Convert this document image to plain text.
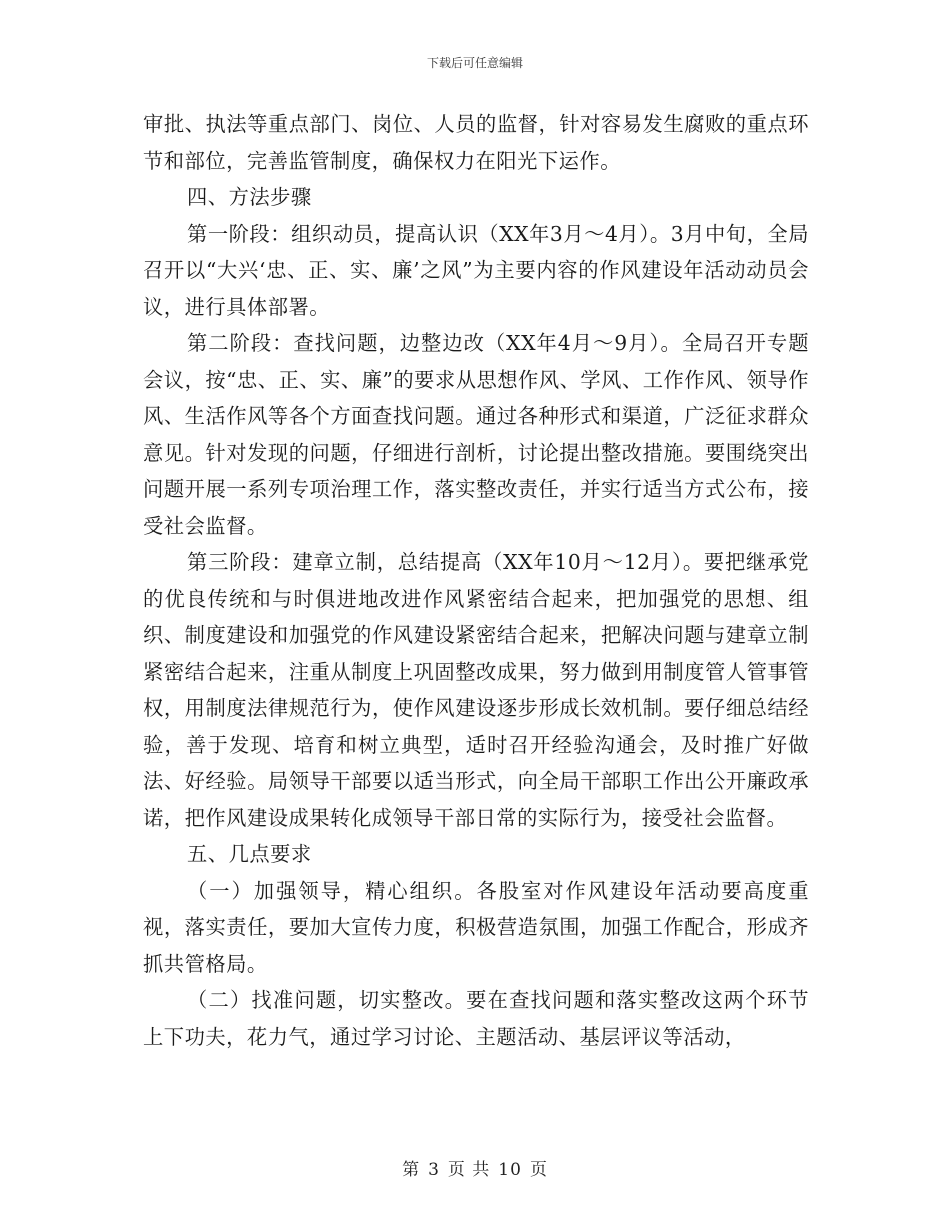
下载后可任意编辑

审批、执法等重点部门、岗位、人员的监督，针对容易发生腐败的重点环节和部位，完善监管制度，确保权力在阳光下运作。

四、方法步骤

第一阶段：组织动员，提高认识（XX年3月～4月）。3月中旬，全局召开以“大兴‘忠、正、实、廉’之风”为主要内容的作风建设年活动动员会议，进行具体部署。

第二阶段：查找问题，边整边改（XX年4月～9月）。全局召开专题会议，按“忠、正、实、廉”的要求从思想作风、学风、工作作风、领导作风、生活作风等各个方面查找问题。通过各种形式和渠道，广泛征求群众意见。针对发现的问题，仔细进行剖析，讨论提出整改措施。要围绕突出问题开展一系列专项治理工作，落实整改责任，并实行适当方式公布，接受社会监督。

第三阶段：建章立制，总结提高（XX年10月～12月）。要把继承党的优良传统和与时俱进地改进作风紧密结合起来，把加强党的思想、组织、制度建设和加强党的作风建设紧密结合起来，把解决问题与建章立制紧密结合起来，注重从制度上巩固整改成果，努力做到用制度管人管事管权，用制度法律规范行为，使作风建设逐步形成长效机制。要仔细总结经验，善于发现、培育和树立典型，适时召开经验沟通会，及时推广好做法、好经验。局领导干部要以适当形式，向全局干部职工作出公开廉政承诺，把作风建设成果转化成领导干部日常的实际行为，接受社会监督。

五、几点要求

（一）加强领导，精心组织。各股室对作风建设年活动要高度重视，落实责任，要加大宣传力度，积极营造氛围，加强工作配合，形成齐抓共管格局。

（二）找准问题，切实整改。要在查找问题和落实整改这两个环节上下功夫，花力气，通过学习讨论、主题活动、基层评议等活动，

第 3 页 共 10 页
